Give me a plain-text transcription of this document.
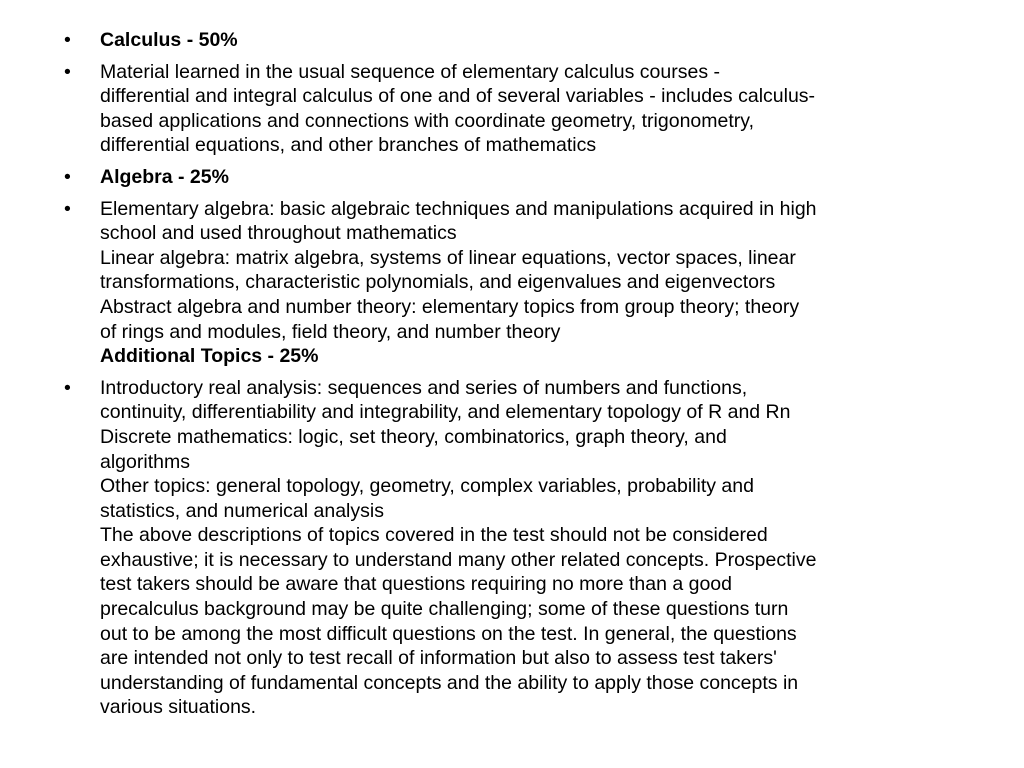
•	Calculus - 50%
•	Material learned in the usual sequence of elementary calculus courses -
differential and integral calculus of one and of several variables - includes calculus-
based applications and connections with coordinate geometry, trigonometry,
differential equations, and other branches of mathematics
•	Algebra - 25%
•	Elementary algebra: basic algebraic techniques and manipulations acquired in high
school and used throughout mathematics
Linear algebra: matrix algebra, systems of linear equations, vector spaces, linear
transformations, characteristic polynomials, and eigenvalues and eigenvectors
Abstract algebra and number theory: elementary topics from group theory; theory
of rings and modules, field theory, and number theory
Additional Topics - 25%
•	Introductory real analysis: sequences and series of numbers and functions,
continuity, differentiability and integrability, and elementary topology of R and Rn
Discrete mathematics: logic, set theory, combinatorics, graph theory, and
algorithms
Other topics: general topology, geometry, complex variables, probability and
statistics, and numerical analysis
The above descriptions of topics covered in the test should not be considered
exhaustive; it is necessary to understand many other related concepts. Prospective
test takers should be aware that questions requiring no more than a good
precalculus background may be quite challenging; some of these questions turn
out to be among the most difficult questions on the test. In general, the questions
are intended not only to test recall of information but also to assess test takers'
understanding of fundamental concepts and the ability to apply those concepts in
various situations.
